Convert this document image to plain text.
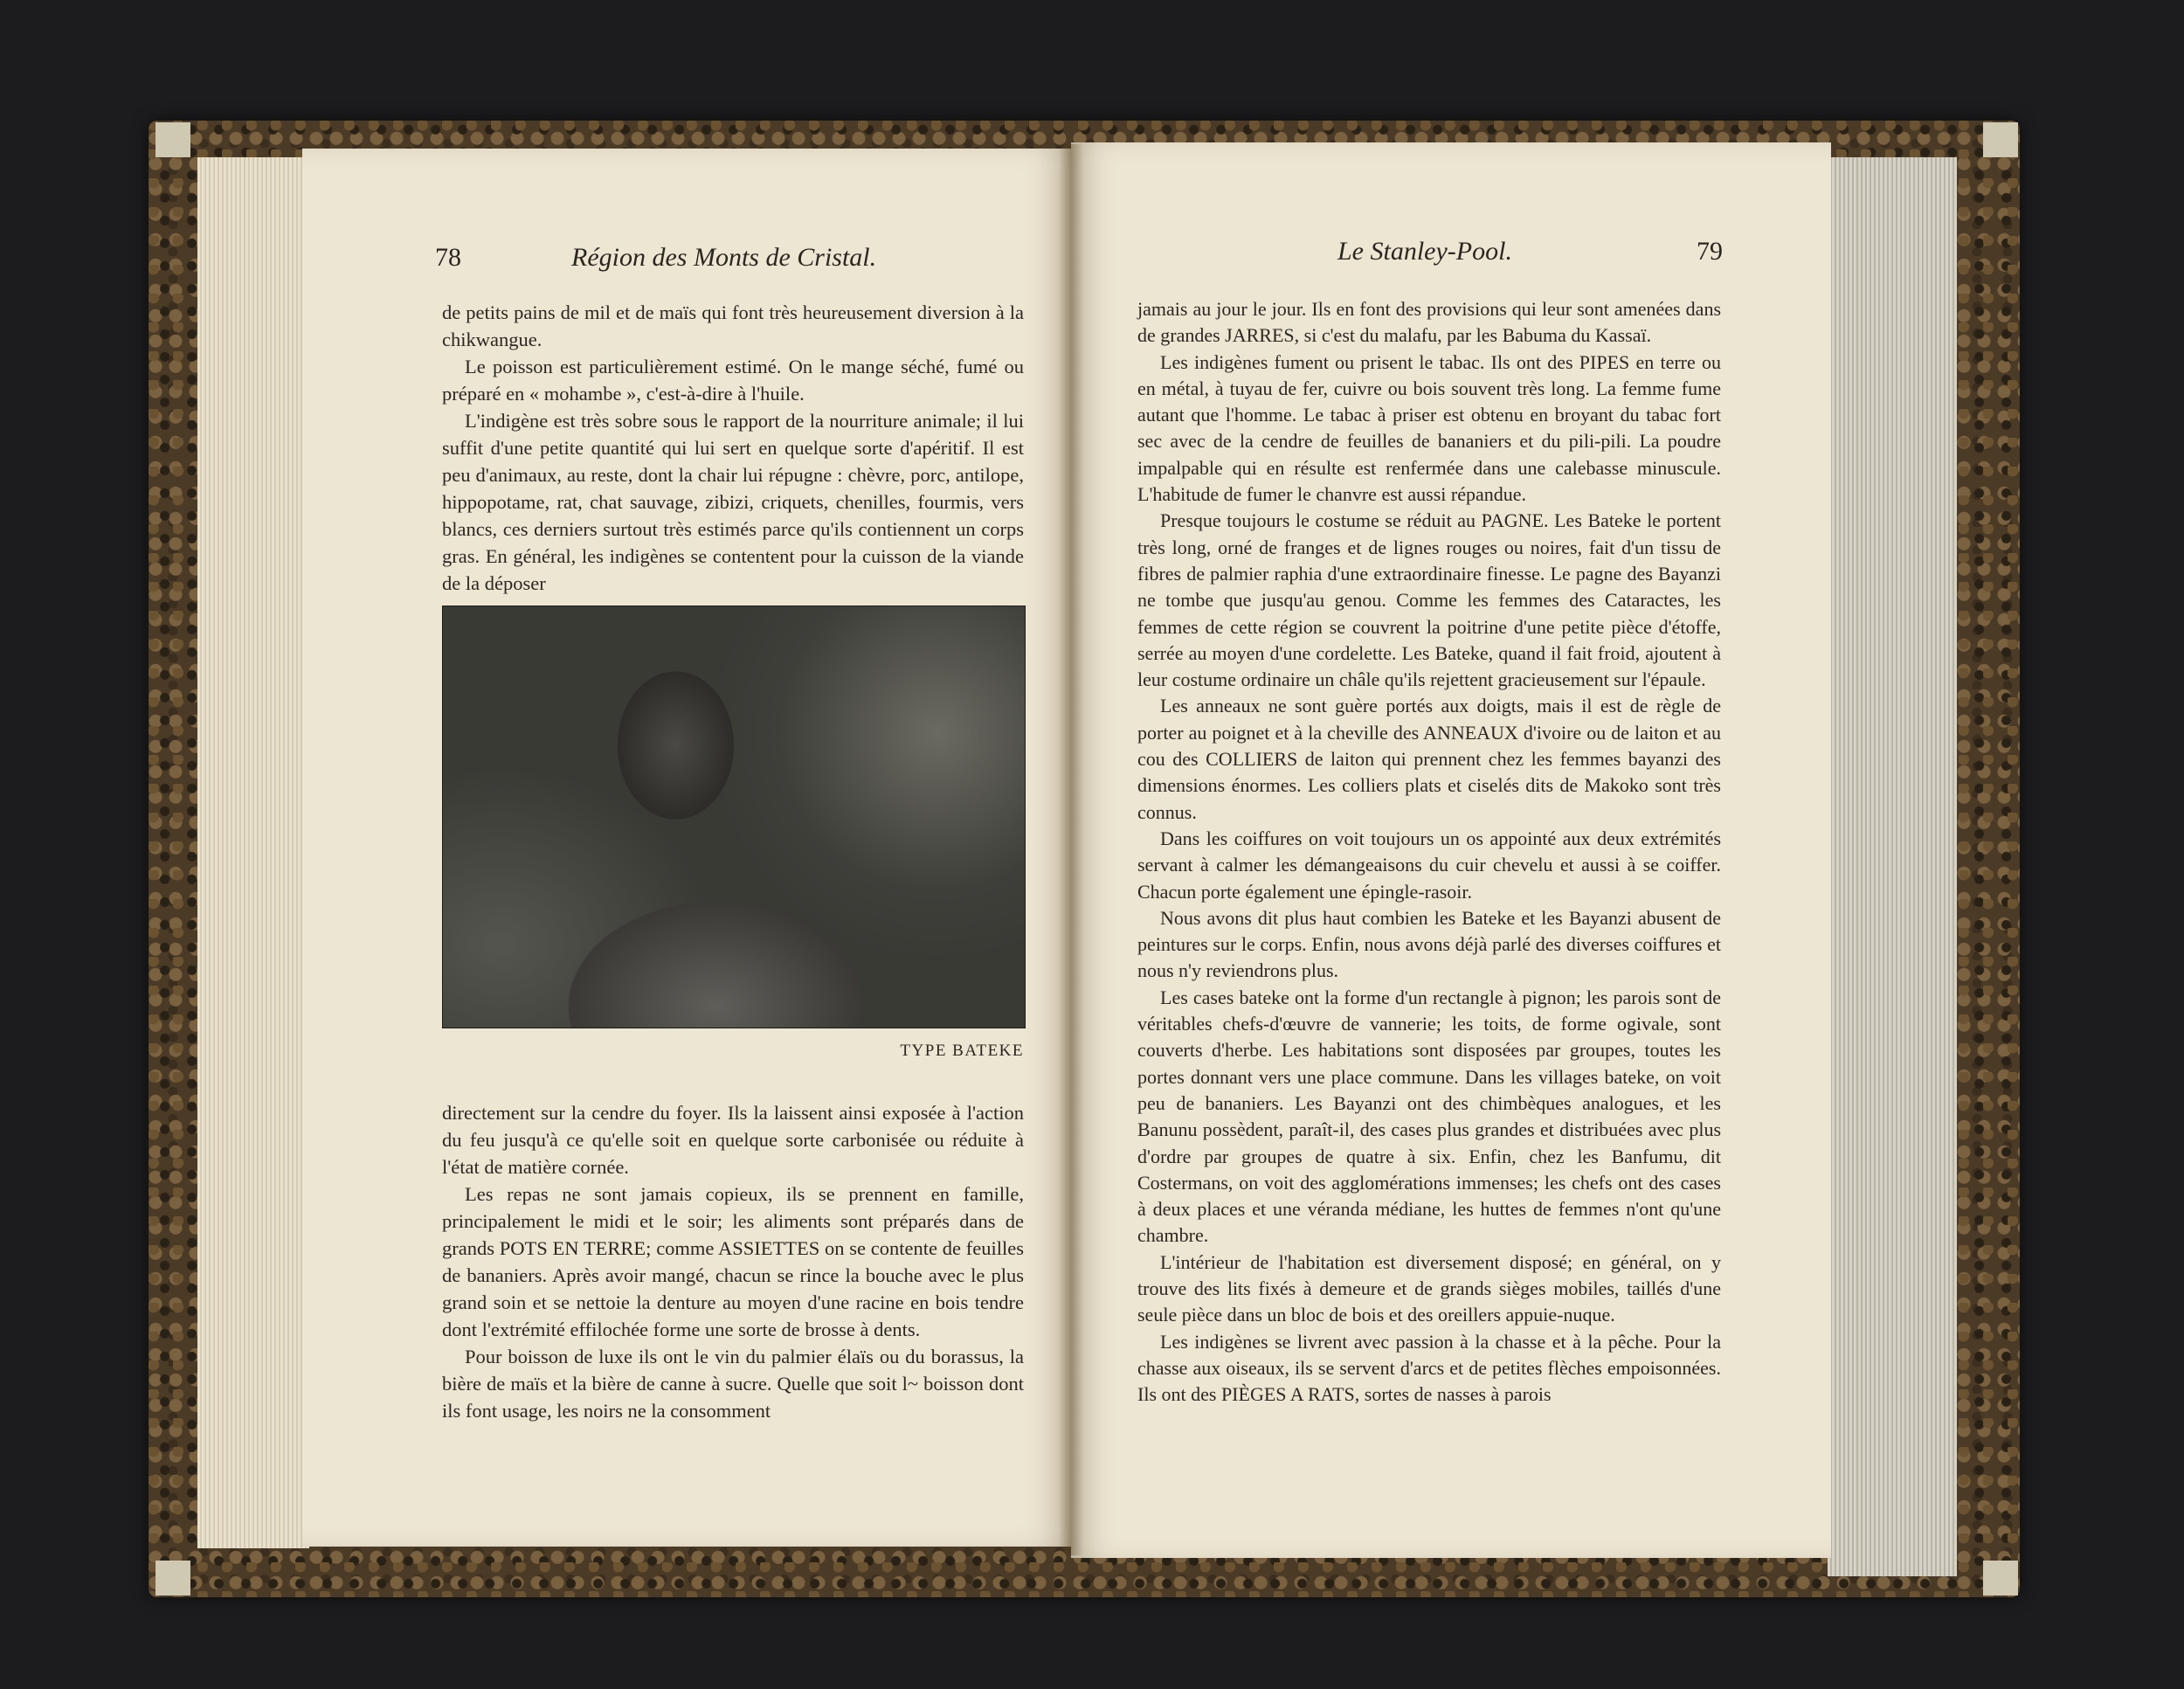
78	Région des Monts de Cristal.

de petits pains de mil et de maïs qui font très heureusement diversion à la chikwangue.

Le poisson est particulièrement estimé. On le mange séché, fumé ou préparé en « mohambe », c'est-à-dire à l'huile.

L'indigène est très sobre sous le rapport de la nourriture animale; il lui suffit d'une petite quantité qui lui sert en quelque sorte d'apéritif. Il est peu d'animaux, au reste, dont la chair lui répugne : chèvre, porc, antilope, hippopotame, rat, chat sauvage, zibizi, criquets, chenilles, fourmis, vers blancs, ces derniers surtout très estimés parce qu'ils contiennent un corps gras. En général, les indigènes se contentent pour la cuisson de la viande de la déposer

TYPE BATEKE

directement sur la cendre du foyer. Ils la laissent ainsi exposée à l'action du feu jusqu'à ce qu'elle soit en quelque sorte carbonisée ou réduite à l'état de matière cornée.

Les repas ne sont jamais copieux, ils se prennent en famille, principalement le midi et le soir; les aliments sont préparés dans de grands POTS EN TERRE; comme ASSIETTES on se contente de feuilles de bananiers. Après avoir mangé, chacun se rince la bouche avec le plus grand soin et se nettoie la denture au moyen d'une racine en bois tendre dont l'extrémité effilochée forme une sorte de brosse à dents.

Pour boisson de luxe ils ont le vin du palmier élaïs ou du borassus, la bière de maïs et la bière de canne à sucre. Quelle que soit l~ boisson dont ils font usage, les noirs ne la consomment

Le Stanley-Pool.	79

jamais au jour le jour. Ils en font des provisions qui leur sont amenées dans de grandes JARRES, si c'est du malafu, par les Babuma du Kassaï.

Les indigènes fument ou prisent le tabac. Ils ont des PIPES en terre ou en métal, à tuyau de fer, cuivre ou bois souvent très long. La femme fume autant que l'homme. Le tabac à priser est obtenu en broyant du tabac fort sec avec de la cendre de feuilles de bananiers et du pili-pili. La poudre impalpable qui en résulte est renfermée dans une calebasse minuscule. L'habitude de fumer le chanvre est aussi répandue.

Presque toujours le costume se réduit au PAGNE. Les Bateke le portent très long, orné de franges et de lignes rouges ou noires, fait d'un tissu de fibres de palmier raphia d'une extraordinaire finesse. Le pagne des Bayanzi ne tombe que jusqu'au genou. Comme les femmes des Cataractes, les femmes de cette région se couvrent la poitrine d'une petite pièce d'étoffe, serrée au moyen d'une cordelette. Les Bateke, quand il fait froid, ajoutent à leur costume ordinaire un châle qu'ils rejettent gracieusement sur l'épaule.

Les anneaux ne sont guère portés aux doigts, mais il est de règle de porter au poignet et à la cheville des ANNEAUX d'ivoire ou de laiton et au cou des COLLIERS de laiton qui prennent chez les femmes bayanzi des dimensions énormes. Les colliers plats et ciselés dits de Makoko sont très connus.

Dans les coiffures on voit toujours un os appointé aux deux extrémités servant à calmer les démangeaisons du cuir chevelu et aussi à se coiffer. Chacun porte également une épingle-rasoir.

Nous avons dit plus haut combien les Bateke et les Bayanzi abusent de peintures sur le corps. Enfin, nous avons déjà parlé des diverses coiffures et nous n'y reviendrons plus.

Les cases bateke ont la forme d'un rectangle à pignon; les parois sont de véritables chefs-d'œuvre de vannerie; les toits, de forme ogivale, sont couverts d'herbe. Les habitations sont disposées par groupes, toutes les portes donnant vers une place commune. Dans les villages bateke, on voit peu de bananiers. Les Bayanzi ont des chimbèques analogues, et les Banunu possèdent, paraît-il, des cases plus grandes et distribuées avec plus d'ordre par groupes de quatre à six. Enfin, chez les Banfumu, dit Costermans, on voit des agglomérations immenses; les chefs ont des cases à deux places et une véranda médiane, les huttes de femmes n'ont qu'une chambre.

L'intérieur de l'habitation est diversement disposé; en général, on y trouve des lits fixés à demeure et de grands sièges mobiles, taillés d'une seule pièce dans un bloc de bois et des oreillers appuie-nuque.

Les indigènes se livrent avec passion à la chasse et à la pêche. Pour la chasse aux oiseaux, ils se servent d'arcs et de petites flèches empoisonnées. Ils ont des PIÈGES A RATS, sortes de nasses à parois
